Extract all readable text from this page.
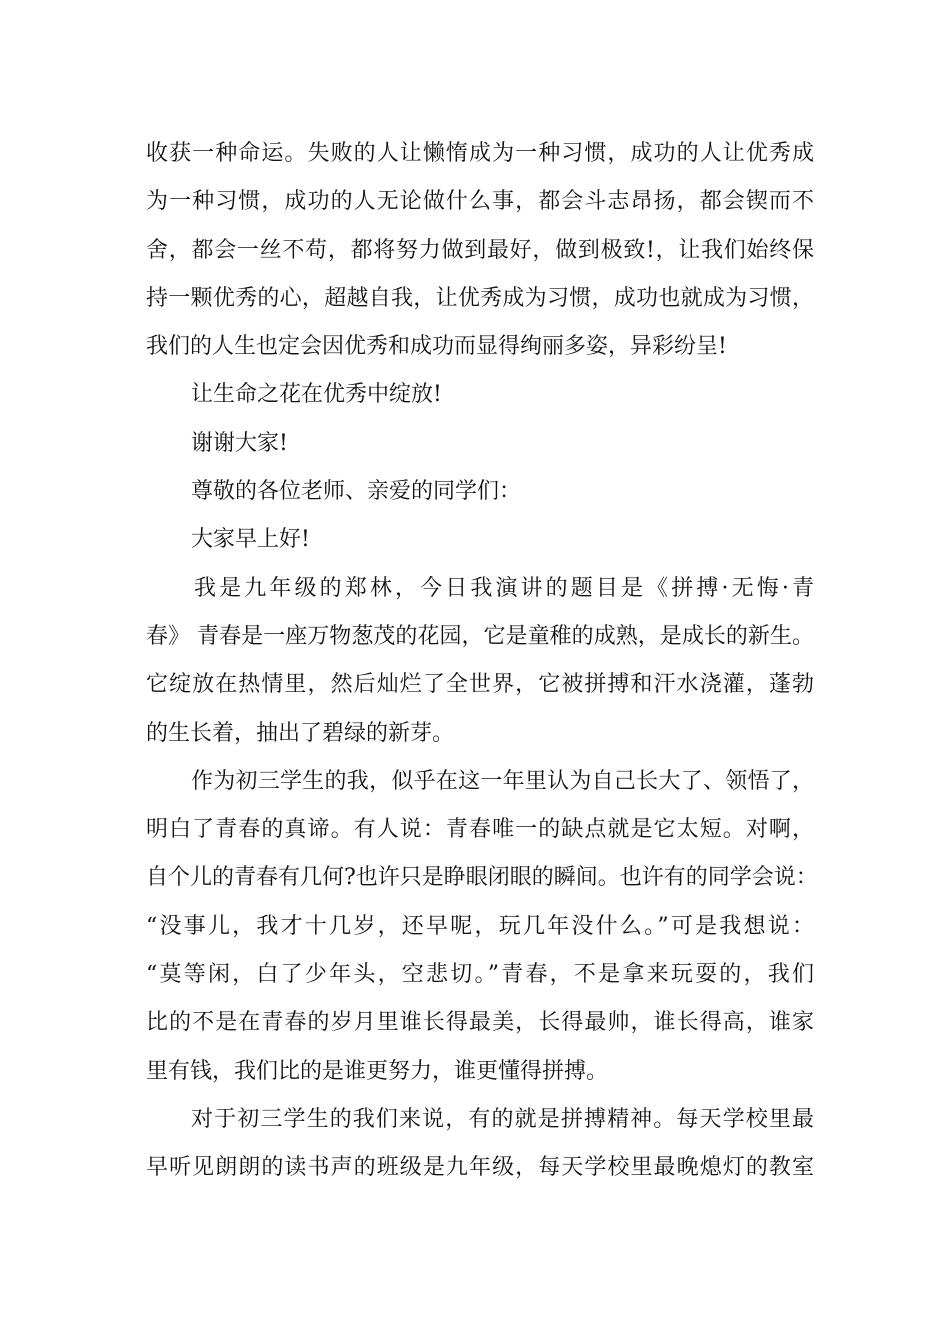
收获一种命运。失败的人让懒惰成为一种习惯，成功的人让优秀成
为一种习惯，成功的人无论做什么事，都会斗志昂扬，都会锲而不
舍，都会一丝不苟，都将努力做到最好，做到极致!，让我们始终保
持一颗优秀的心，超越自我，让优秀成为习惯，成功也就成为习惯，
我们的人生也定会因优秀和成功而显得绚丽多姿，异彩纷呈!
让生命之花在优秀中绽放!
谢谢大家!
尊敬的各位老师、亲爱的同学们：
大家早上好!
我是九年级的郑林，今日我演讲的题目是《拼搏·无悔·青
春》 青春是一座万物葱茂的花园，它是童稚的成熟，是成长的新生。
它绽放在热情里，然后灿烂了全世界，它被拼搏和汗水浇灌，蓬勃
的生长着，抽出了碧绿的新芽。
作为初三学生的我，似乎在这一年里认为自己长大了、领悟了，
明白了青春的真谛。有人说：青春唯一的缺点就是它太短。对啊，
自个儿的青春有几何?也许只是睁眼闭眼的瞬间。也许有的同学会说：
“没事儿，我才十几岁，还早呢，玩几年没什么。”可是我想说：
“莫等闲，白了少年头，空悲切。”青春，不是拿来玩耍的，我们
比的不是在青春的岁月里谁长得最美，长得最帅，谁长得高，谁家
里有钱，我们比的是谁更努力，谁更懂得拼搏。
对于初三学生的我们来说，有的就是拼搏精神。每天学校里最
早听见朗朗的读书声的班级是九年级，每天学校里最晚熄灯的教室
